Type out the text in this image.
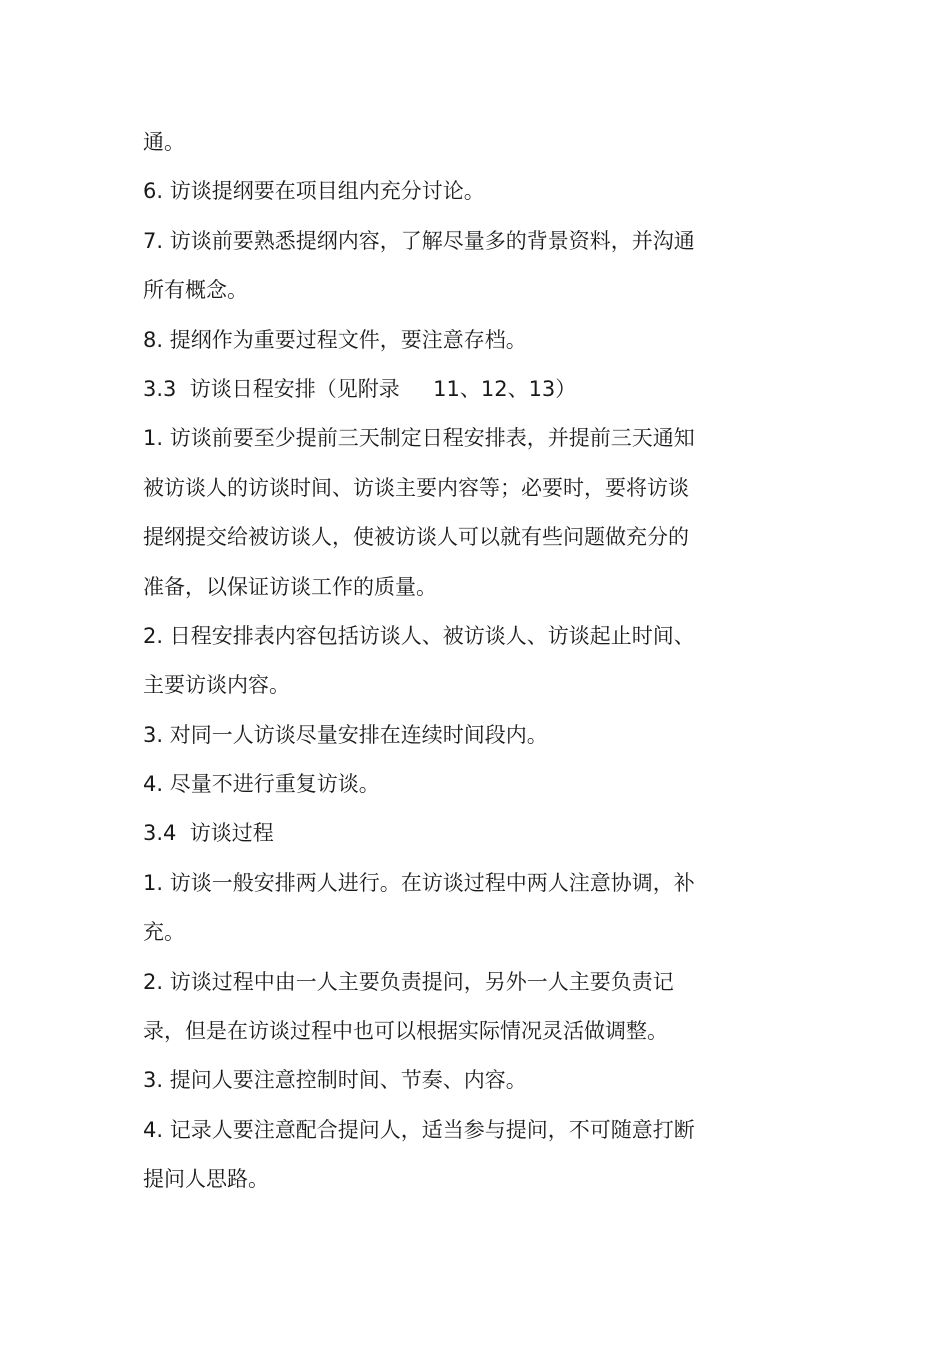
通。
6. 访谈提纲要在项目组内充分讨论。
7. 访谈前要熟悉提纲内容，了解尽量多的背景资料，并沟通
所有概念。
8. 提纲作为重要过程文件，要注意存档。
3.3  访谈日程安排（见附录     11、12、13）
1. 访谈前要至少提前三天制定日程安排表，并提前三天通知
被访谈人的访谈时间、访谈主要内容等；必要时，要将访谈
提纲提交给被访谈人，使被访谈人可以就有些问题做充分的
准备，以保证访谈工作的质量。
2. 日程安排表内容包括访谈人、被访谈人、访谈起止时间、
主要访谈内容。
3. 对同一人访谈尽量安排在连续时间段内。
4. 尽量不进行重复访谈。
3.4  访谈过程
1. 访谈一般安排两人进行。在访谈过程中两人注意协调，补
充。
2. 访谈过程中由一人主要负责提问，另外一人主要负责记
录，但是在访谈过程中也可以根据实际情况灵活做调整。
3. 提问人要注意控制时间、节奏、内容。
4. 记录人要注意配合提问人，适当参与提问，不可随意打断
提问人思路。
